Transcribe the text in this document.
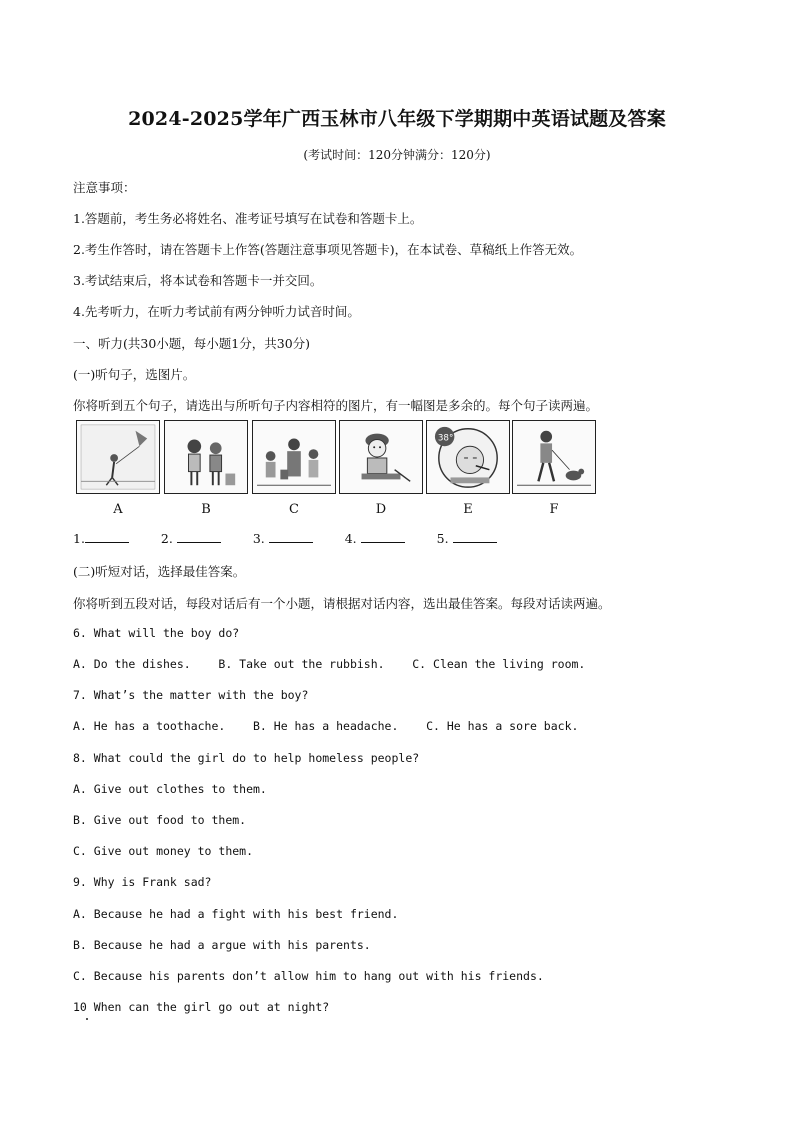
2024-2025学年广西玉林市八年级下学期期中英语试题及答案
(考试时间：120分钟满分：120分)
注意事项：
1.答题前，考生务必将姓名、准考证号填写在试卷和答题卡上。
2.考生作答时，请在答题卡上作答(答题注意事项见答题卡)，在本试卷、草稿纸上作答无效。
3.考试结束后，将本试卷和答题卡一并交回。
4.先考听力，在听力考试前有两分钟听力试音时间。
一、听力(共30小题，每小题1分，共30分)
(一)听句子，选图片。
你将听到五个句子，请选出与所听句子内容相符的图片，有一幅图是多余的。每个句子读两遍。
A	B	C	D
38°
E	F
1.	2.	3.	4.	5.
(二)听短对话，选择最佳答案。
你将听到五段对话，每段对话后有一个小题，请根据对话内容，选出最佳答案。每段对话读两遍。
6. What will the boy do?
A. Do the dishes.    B. Take out the rubbish.    C. Clean the living room.
7. What’s the matter with the boy?
A. He has a toothache.    B. He has a headache.    C. He has a sore back.
8. What could the girl do to help homeless people?
A. Give out clothes to them.
B. Give out food to them.
C. Give out money to them.
9. Why is Frank sad?
A. Because he had a fight with his best friend.
B. Because he had a argue with his parents.
C. Because his parents don’t allow him to hang out with his friends.
10 When can the girl go out at night?
